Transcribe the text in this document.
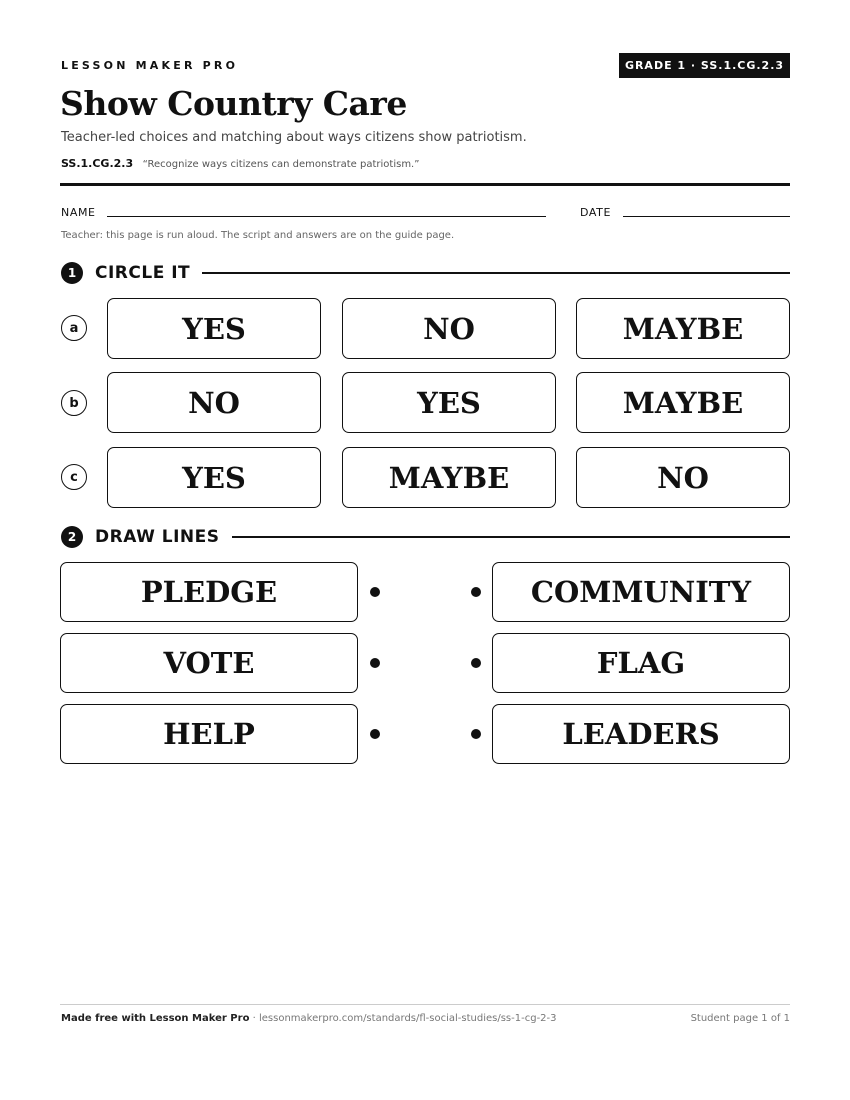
LESSON MAKER PRO	GRADE 1 · SS.1.CG.2.3
Show Country Care
Teacher-led choices and matching about ways citizens show patriotism.
SS.1.CG.2.3 “Recognize ways citizens can demonstrate patriotism.”
NAME	DATE
Teacher: this page is run aloud. The script and answers are on the guide page.
1	CIRCLE IT
a	YES	NO	MAYBE
b	NO	YES	MAYBE
c	YES	MAYBE	NO
2	DRAW LINES
PLEDGE	COMMUNITY
VOTE	FLAG
HELP	LEADERS
Made free with Lesson Maker Pro · lessonmakerpro.com/standards/fl-social-studies/ss-1-cg-2-3	Student page 1 of 1
